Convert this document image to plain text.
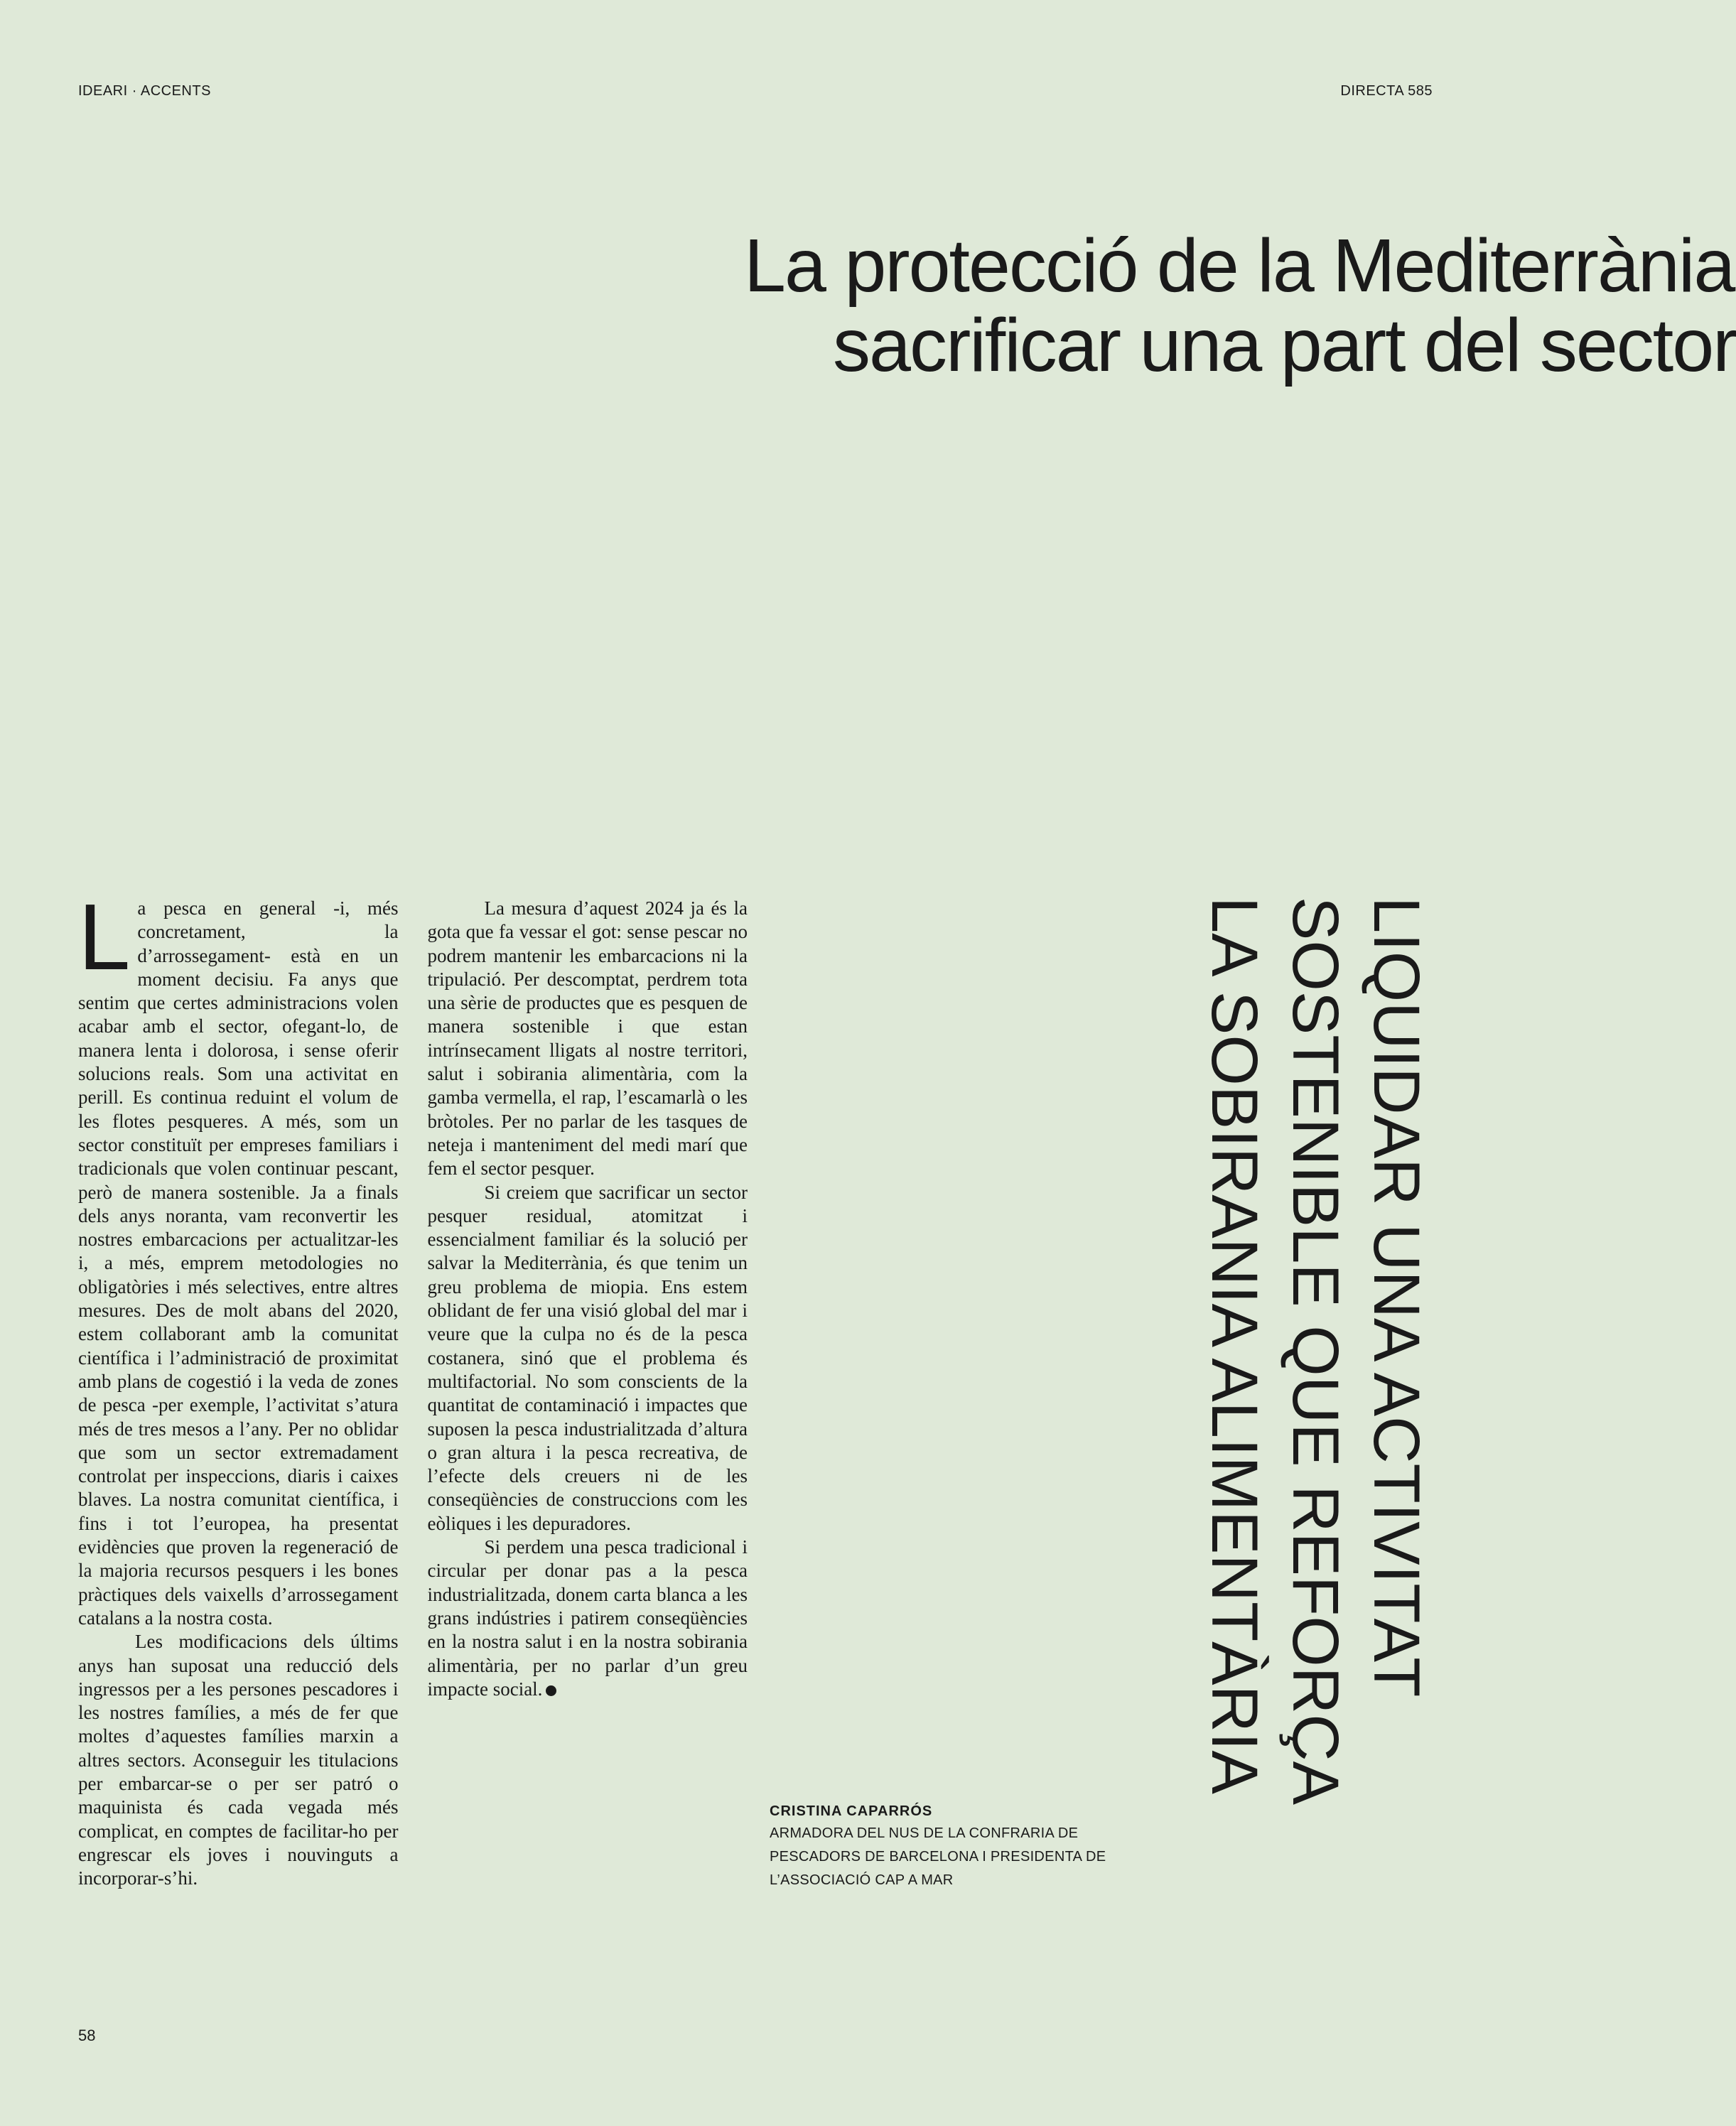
IDEARI · ACCENTS	DIRECTA 585
La protecció de la Mediterrània
sacrificar una part del sector

La pesca en general -i, més concretament, la d’arrossegament- està en un moment decisiu. Fa anys que sentim que certes administracions volen acabar amb el sector, ofegant-lo, de manera lenta i dolorosa, i sense oferir solucions reals. Som una activitat en perill. Es continua reduint el volum de les flotes pesqueres. A més, som un sector constituït per empreses familiars i tradicionals que volen continuar pescant, però de manera sostenible. Ja a finals dels anys noranta, vam reconvertir les nostres embarcacions per actualitzar-les i, a més, emprem metodologies no obligatòries i més selectives, entre altres mesures. Des de molt abans del 2020, estem collaborant amb la comunitat científica i l’administració de proximitat amb plans de cogestió i la veda de zones de pesca -per exemple, l’activitat s’atura més de tres mesos a l’any. Per no oblidar que som un sector extremadament controlat per inspeccions, diaris i caixes blaves. La nostra comunitat científica, i fins i tot l’europea, ha presentat evidències que proven la regeneració de la majoria recursos pesquers i les bones pràctiques dels vaixells d’arrossegament catalans a la nostra costa.

Les modificacions dels últims anys han suposat una reducció dels ingressos per a les persones pescadores i les nostres famílies, a més de fer que moltes d’aquestes famílies marxin a altres sectors. Aconseguir les titulacions per embarcar-se o per ser patró o maquinista és cada vegada més complicat, en comptes de facilitar-ho per engrescar els joves i nouvinguts a incorporar-s’hi.

La mesura d’aquest 2024 ja és la gota que fa vessar el got: sense pescar no podrem mantenir les embarcacions ni la tripulació. Per descomptat, perdrem tota una sèrie de productes que es pesquen de manera sostenible i que estan intrínsecament lligats al nostre territori, salut i sobirania alimentària, com la gamba vermella, el rap, l’escamarlà o les bròtoles. Per no parlar de les tasques de neteja i manteniment del medi marí que fem el sector pesquer.

Si creiem que sacrificar un sector pesquer residual, atomitzat i essencialment familiar és la solució per salvar la Mediterrània, és que tenim un greu problema de miopia. Ens estem oblidant de fer una visió global del mar i veure que la culpa no és de la pesca costanera, sinó que el problema és multifactorial. No som conscients de la quantitat de contaminació i impactes que suposen la pesca industrialitzada d’altura o gran altura i la pesca recreativa, de l’efecte dels creuers ni de les conseqüències de construccions com les eòliques i les depuradores.

Si perdem una pesca tradicional i circular per donar pas a la pesca industrialitzada, donem carta blanca a les grans indústries i patirem conseqüències en la nostra salut i en la nostra sobirania alimentària, per no parlar d’un greu impacte social.

CRISTINA CAPARRÓS
ARMADORA DEL NUS DE LA CONFRARIA DE PESCADORS DE BARCELONA I PRESIDENTA DE L’ASSOCIACIÓ CAP A MAR
LIQUIDAR UNA ACTIVITAT
SOSTENIBLE QUE REFORÇA
LA SOBIRANIA ALIMENTÀRIA
58
